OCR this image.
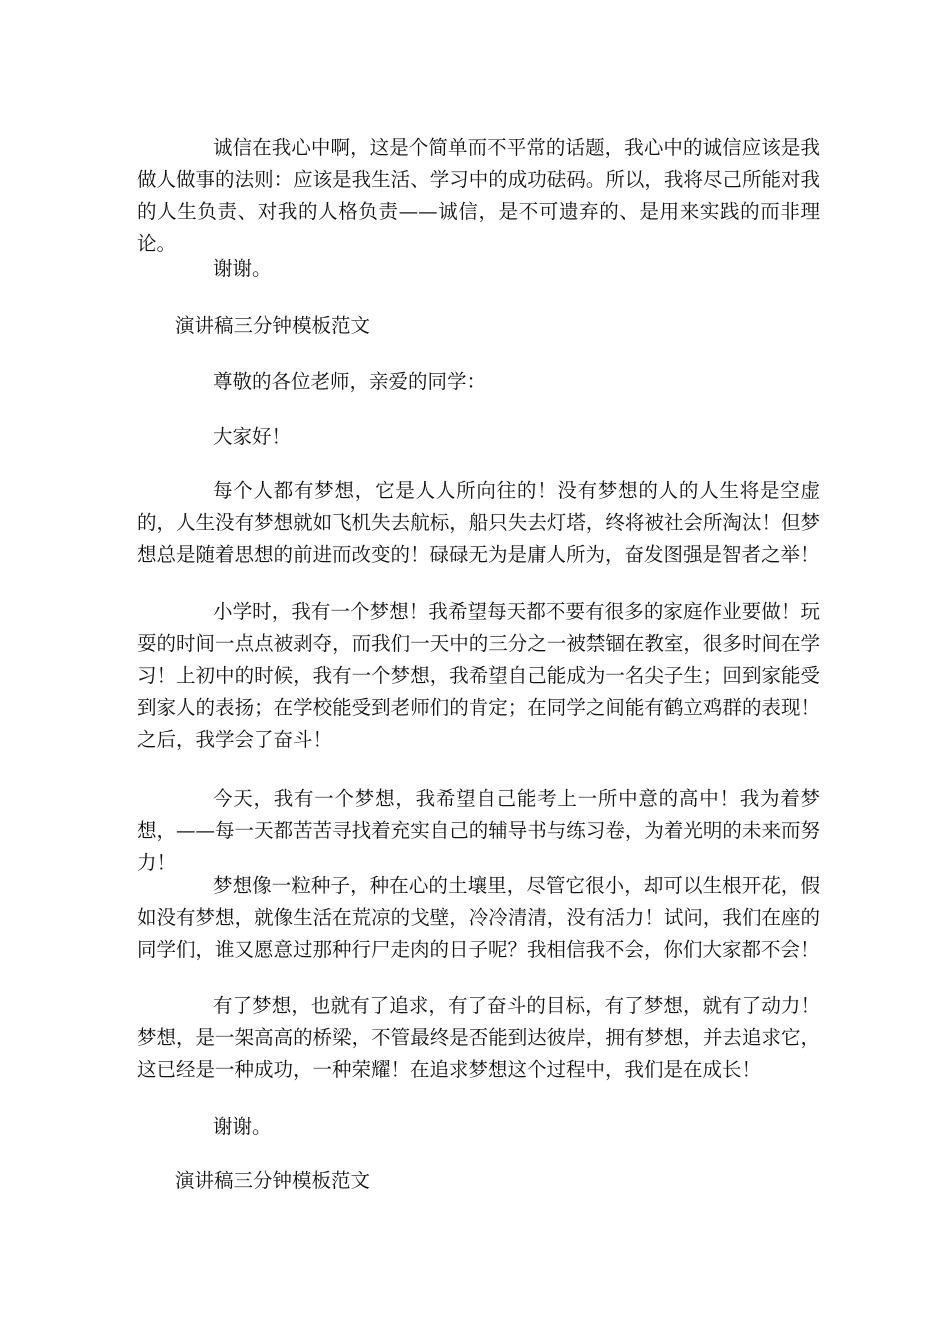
诚信在我心中啊，这是个简单而不平常的话题，我心中的诚信应该是我做人做事的法则：应该是我生活、学习中的成功砝码。所以，我将尽己所能对我的人生负责、对我的人格负责——诚信，是不可遗弃的、是用来实践的而非理论。

谢谢。

演讲稿三分钟模板范文

尊敬的各位老师，亲爱的同学：

大家好！

每个人都有梦想，它是人人所向往的！没有梦想的人的人生将是空虚的，人生没有梦想就如飞机失去航标，船只失去灯塔，终将被社会所淘汰！但梦想总是随着思想的前进而改变的！碌碌无为是庸人所为，奋发图强是智者之举！

小学时，我有一个梦想！我希望每天都不要有很多的家庭作业要做！玩耍的时间一点点被剥夺，而我们一天中的三分之一被禁锢在教室，很多时间在学习！上初中的时候，我有一个梦想，我希望自己能成为一名尖子生；回到家能受到家人的表扬；在学校能受到老师们的肯定；在同学之间能有鹤立鸡群的表现！之后，我学会了奋斗！

今天，我有一个梦想，我希望自己能考上一所中意的高中！我为着梦想，——每一天都苦苦寻找着充实自己的辅导书与练习卷，为着光明的未来而努力！

梦想像一粒种子，种在心的土壤里，尽管它很小，却可以生根开花，假如没有梦想，就像生活在荒凉的戈壁，冷冷清清，没有活力！试问，我们在座的同学们，谁又愿意过那种行尸走肉的日子呢？我相信我不会，你们大家都不会！

有了梦想，也就有了追求，有了奋斗的目标，有了梦想，就有了动力！梦想，是一架高高的桥梁，不管最终是否能到达彼岸，拥有梦想，并去追求它，这已经是一种成功，一种荣耀！在追求梦想这个过程中，我们是在成长！

谢谢。

演讲稿三分钟模板范文
